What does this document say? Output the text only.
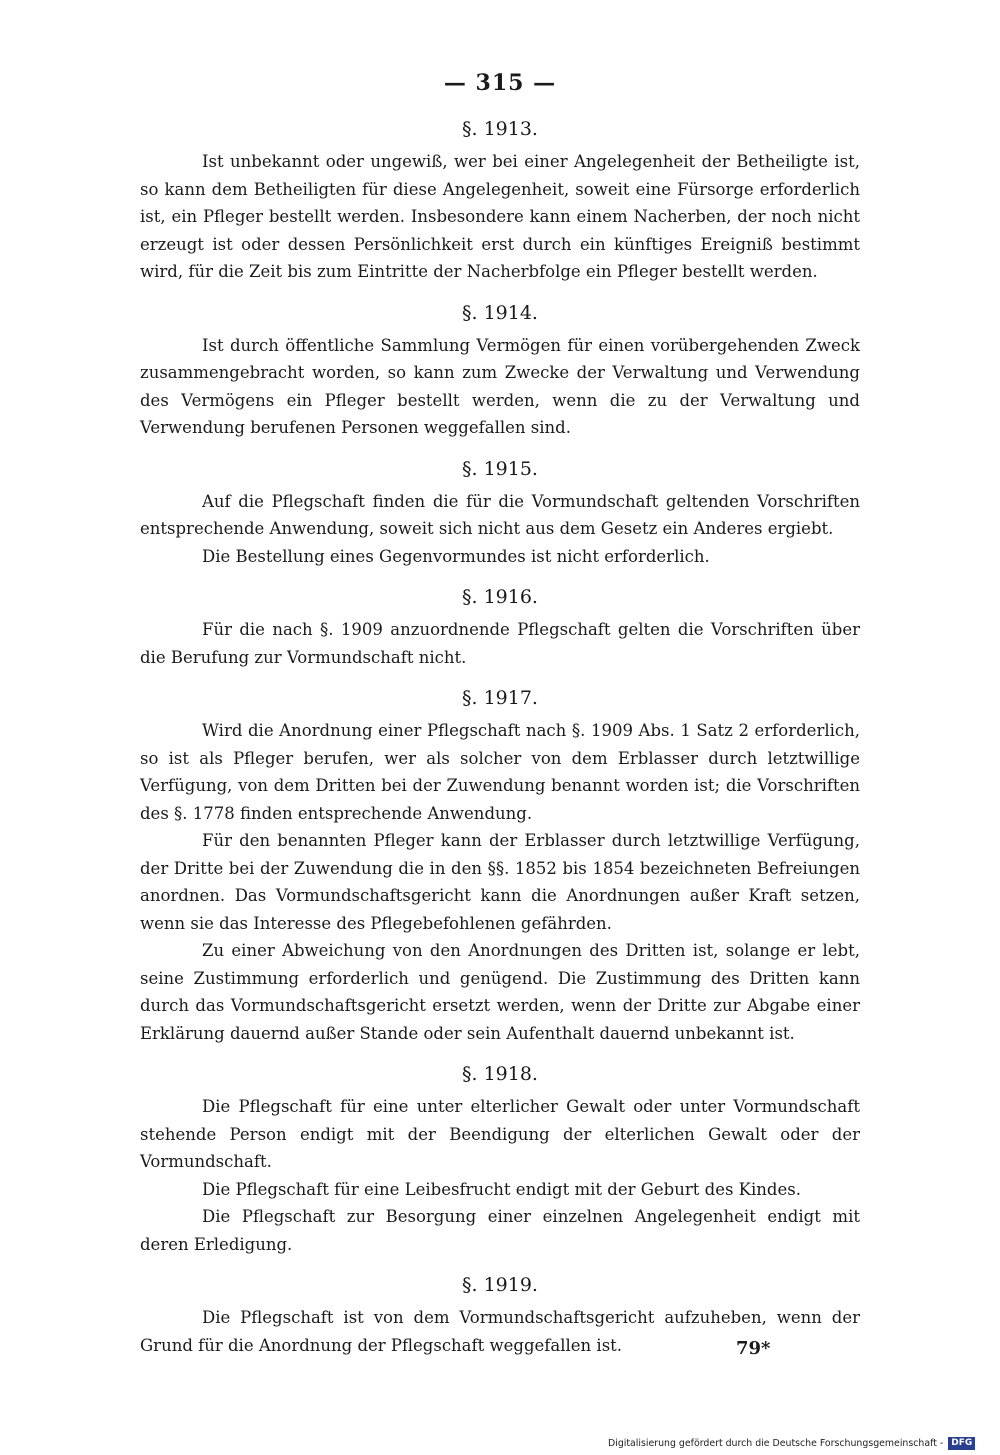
— 315 —
§. 1913.

Ist unbekannt oder ungewiß, wer bei einer Angelegenheit der Betheiligte ist, so kann dem Betheiligten für diese Angelegenheit, soweit eine Fürsorge erforderlich ist, ein Pfleger bestellt werden. Insbesondere kann einem Nacherben, der noch nicht erzeugt ist oder dessen Persönlichkeit erst durch ein künftiges Ereigniß bestimmt wird, für die Zeit bis zum Eintritte der Nacherbfolge ein Pfleger bestellt werden.

§. 1914.

Ist durch öffentliche Sammlung Vermögen für einen vorübergehenden Zweck zusammengebracht worden, so kann zum Zwecke der Verwaltung und Verwendung des Vermögens ein Pfleger bestellt werden, wenn die zu der Verwaltung und Verwendung berufenen Personen weggefallen sind.

§. 1915.

Auf die Pflegschaft finden die für die Vormundschaft geltenden Vorschriften entsprechende Anwendung, soweit sich nicht aus dem Gesetz ein Anderes ergiebt.

Die Bestellung eines Gegenvormundes ist nicht erforderlich.

§. 1916.

Für die nach §. 1909 anzuordnende Pflegschaft gelten die Vorschriften über die Berufung zur Vormundschaft nicht.

§. 1917.

Wird die Anordnung einer Pflegschaft nach §. 1909 Abs. 1 Satz 2 erforderlich, so ist als Pfleger berufen, wer als solcher von dem Erblasser durch letztwillige Verfügung, von dem Dritten bei der Zuwendung benannt worden ist; die Vorschriften des §. 1778 finden entsprechende Anwendung.

Für den benannten Pfleger kann der Erblasser durch letztwillige Verfügung, der Dritte bei der Zuwendung die in den §§. 1852 bis 1854 bezeichneten Befreiungen anordnen. Das Vormundschaftsgericht kann die Anordnungen außer Kraft setzen, wenn sie das Interesse des Pflegebefohlenen gefährden.

Zu einer Abweichung von den Anordnungen des Dritten ist, solange er lebt, seine Zustimmung erforderlich und genügend. Die Zustimmung des Dritten kann durch das Vormundschaftsgericht ersetzt werden, wenn der Dritte zur Abgabe einer Erklärung dauernd außer Stande oder sein Aufenthalt dauernd unbekannt ist.

§. 1918.

Die Pflegschaft für eine unter elterlicher Gewalt oder unter Vormundschaft stehende Person endigt mit der Beendigung der elterlichen Gewalt oder der Vormundschaft.

Die Pflegschaft für eine Leibesfrucht endigt mit der Geburt des Kindes.

Die Pflegschaft zur Besorgung einer einzelnen Angelegenheit endigt mit deren Erledigung.

§. 1919.

Die Pflegschaft ist von dem Vormundschaftsgericht aufzuheben, wenn der Grund für die Anordnung der Pflegschaft weggefallen ist.	79*
Digitalisierung gefördert durch die Deutsche Forschungsgemeinschaft - DFG
